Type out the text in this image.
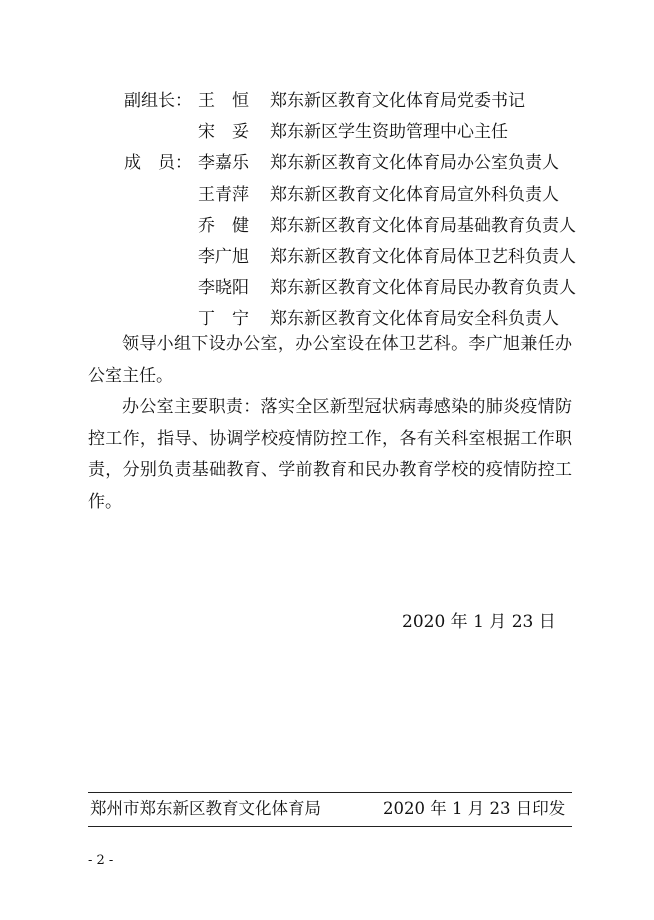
副组长： 王　恒	郑东新区教育文化体育局党委书记
宋　妥	郑东新区学生资助管理中心主任
成　员： 李嘉乐	郑东新区教育文化体育局办公室负责人
王青萍	郑东新区教育文化体育局宣外科负责人
乔　健	郑东新区教育文化体育局基础教育负责人
李广旭	郑东新区教育文化体育局体卫艺科负责人
李晓阳	郑东新区教育文化体育局民办教育负责人
丁　宁	郑东新区教育文化体育局安全科负责人

领导小组下设办公室，办公室设在体卫艺科。李广旭兼任办公室主任。

办公室主要职责：落实全区新型冠状病毒感染的肺炎疫情防控工作，指导、协调学校疫情防控工作，各有关科室根据工作职责，分别负责基础教育、学前教育和民办教育学校的疫情防控工作。

2020 年 1 月 23 日
郑州市郑东新区教育文化体育局	2020 年 1 月 23 日印发
- 2 -
